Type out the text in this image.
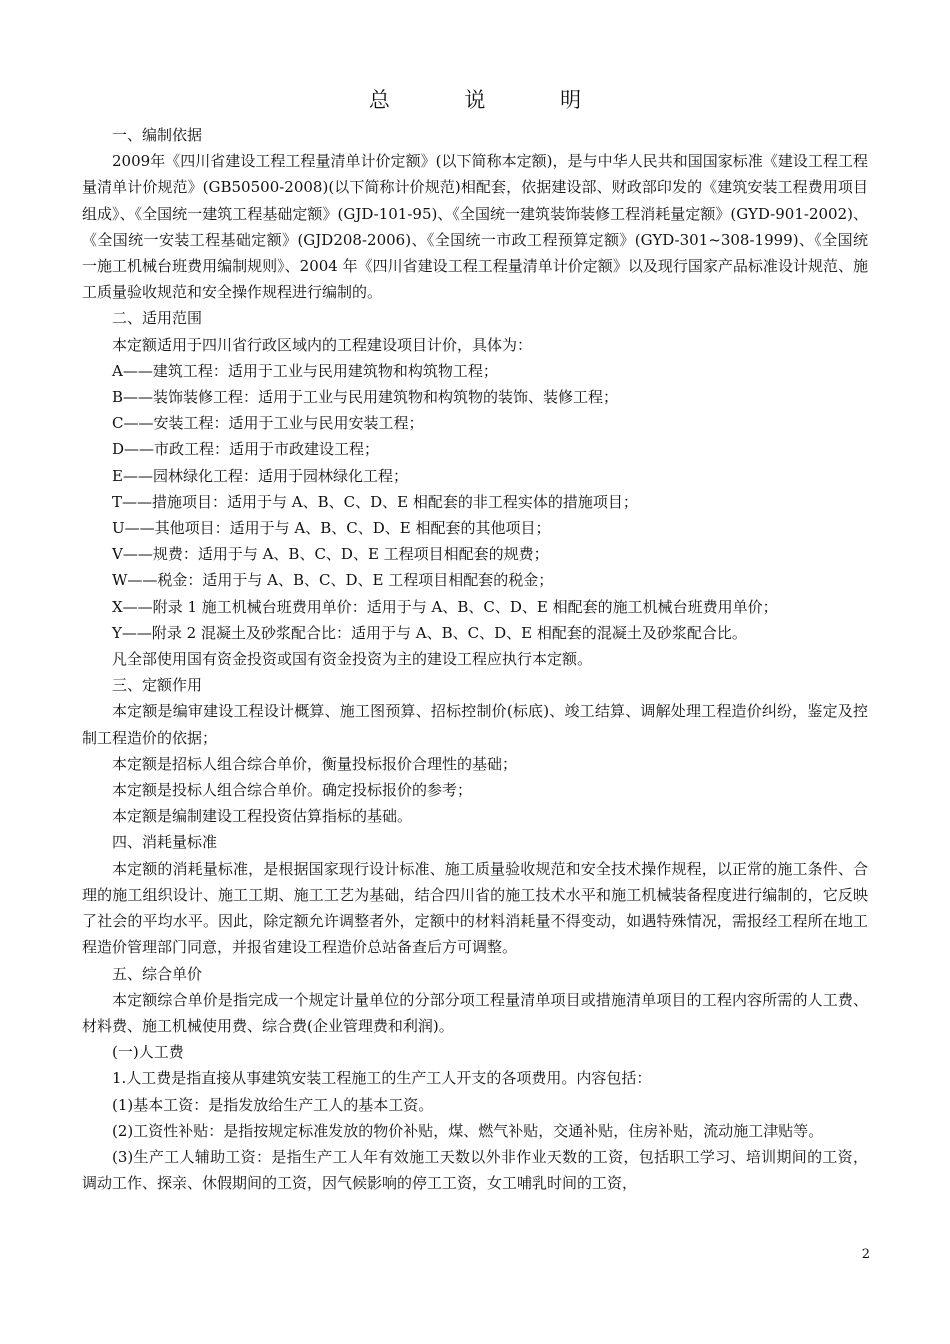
总 说 明

一、编制依据

2009年《四川省建设工程工程量清单计价定额》(以下简称本定额)，是与中华人民共和国国家标准《建设工程工程量清单计价规范》(GB50500-2008)(以下简称计价规范)相配套，依据建设部、财政部印发的《建筑安装工程费用项目组成》、《全国统一建筑工程基础定额》(GJD-101-95)、《全国统一建筑装饰装修工程消耗量定额》(GYD-901-2002)、《全国统一安装工程基础定额》(GJD208-2006)、《全国统一市政工程预算定额》(GYD-301~308-1999)、《全国统一施工机械台班费用编制规则》、2004 年《四川省建设工程工程量清单计价定额》以及现行国家产品标准设计规范、施工质量验收规范和安全操作规程进行编制的。

二、适用范围

本定额适用于四川省行政区域内的工程建设项目计价，具体为：

A——建筑工程：适用于工业与民用建筑物和构筑物工程；

B——装饰装修工程：适用于工业与民用建筑物和构筑物的装饰、装修工程；

C——安装工程：适用于工业与民用安装工程；

D——市政工程：适用于市政建设工程；

E——园林绿化工程：适用于园林绿化工程；

T——措施项目：适用于与 A、B、C、D、E 相配套的非工程实体的措施项目；

U——其他项目：适用于与 A、B、C、D、E 相配套的其他项目；

V——规费：适用于与 A、B、C、D、E 工程项目相配套的规费；

W——税金：适用于与 A、B、C、D、E 工程项目相配套的税金；

X——附录 1 施工机械台班费用单价：适用于与 A、B、C、D、E 相配套的施工机械台班费用单价；

Y——附录 2 混凝土及砂浆配合比：适用于与 A、B、C、D、E 相配套的混凝土及砂浆配合比。

凡全部使用国有资金投资或国有资金投资为主的建设工程应执行本定额。

三、定额作用

本定额是编审建设工程设计概算、施工图预算、招标控制价(标底)、竣工结算、调解处理工程造价纠纷，鉴定及控制工程造价的依据；

本定额是招标人组合综合单价，衡量投标报价合理性的基础；

本定额是投标人组合综合单价。确定投标报价的参考；

本定额是编制建设工程投资估算指标的基础。

四、消耗量标准

本定额的消耗量标准，是根据国家现行设计标准、施工质量验收规范和安全技术操作规程，以正常的施工条件、合理的施工组织设计、施工工期、施工工艺为基础，结合四川省的施工技术水平和施工机械装备程度进行编制的，它反映了社会的平均水平。因此，除定额允许调整者外，定额中的材料消耗量不得变动，如遇特殊情况，需报经工程所在地工程造价管理部门同意，并报省建设工程造价总站备查后方可调整。

五、综合单价

本定额综合单价是指完成一个规定计量单位的分部分项工程量清单项目或措施清单项目的工程内容所需的人工费、材料费、施工机械使用费、综合费(企业管理费和利润)。

(一)人工费

1.人工费是指直接从事建筑安装工程施工的生产工人开支的各项费用。内容包括：

(1)基本工资：是指发放给生产工人的基本工资。

(2)工资性补贴：是指按规定标准发放的物价补贴，煤、燃气补贴，交通补贴，住房补贴，流动施工津贴等。

(3)生产工人辅助工资：是指生产工人年有效施工天数以外非作业天数的工资，包括职工学习、培训期间的工资，调动工作、探亲、休假期间的工资，因气候影响的停工工资，女工哺乳时间的工资，

2
